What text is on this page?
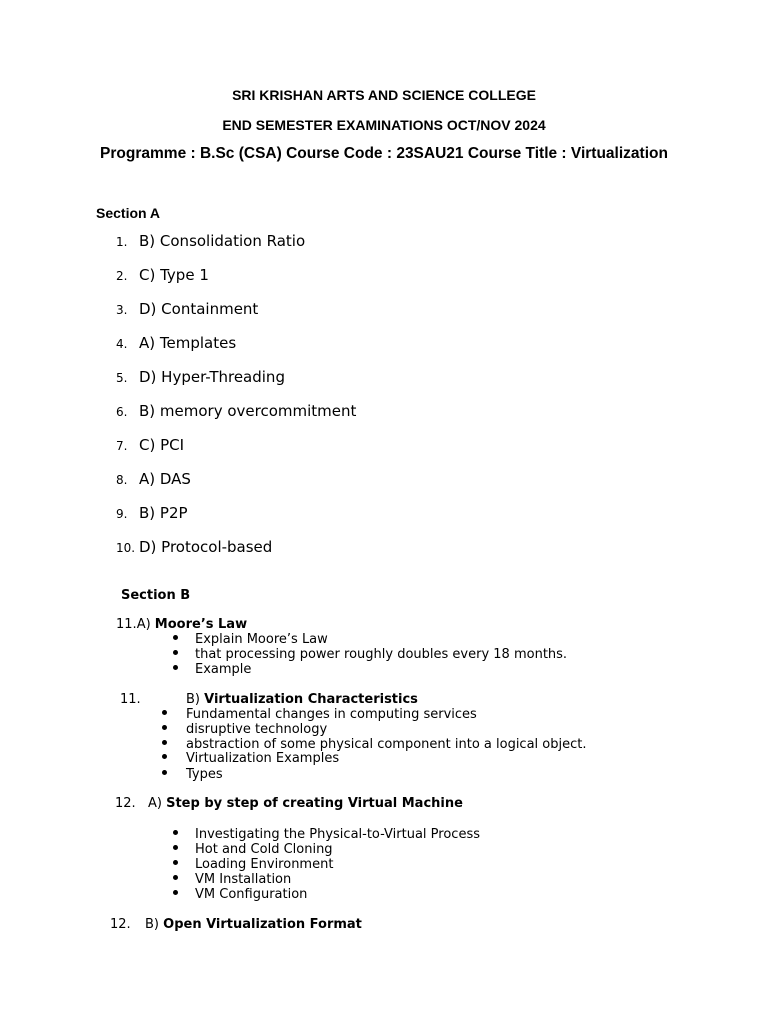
SRI KRISHAN ARTS AND SCIENCE COLLEGE
END SEMESTER EXAMINATIONS OCT/NOV 2024
Programme : B.Sc (CSA) Course Code : 23SAU21 Course Title : Virtualization
Section A
1. B) Consolidation Ratio
2. C) Type 1
3. D) Containment
4. A) Templates
5. D) Hyper-Threading
6. B) memory overcommitment
7. C) PCI
8. A) DAS
9. B) P2P
10. D) Protocol-based
Section B
11.A) Moore’s Law
Explain Moore’s Law
that processing power roughly doubles every 18 months.
Example
11.	B) Virtualization Characteristics
Fundamental changes in computing services
disruptive technology
abstraction of some physical component into a logical object.
Virtualization Examples
Types
12. A) Step by step of creating Virtual Machine
Investigating the Physical-to-Virtual Process
Hot and Cold Cloning
Loading Environment
VM Installation
VM Configuration
12. B) Open Virtualization Format
